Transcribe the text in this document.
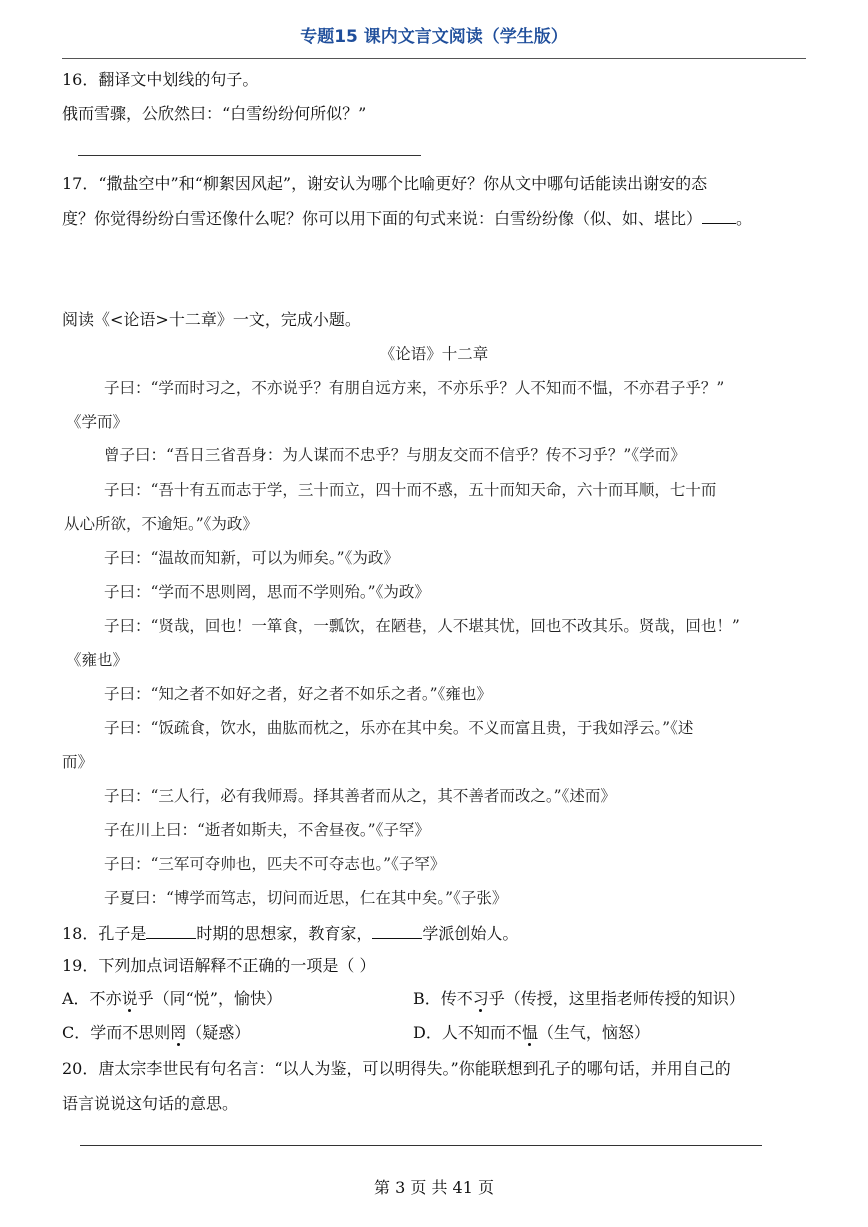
专题15 课内文言文阅读（学生版）
16．翻译文中划线的句子。
俄而雪骤，公欣然曰：“白雪纷纷何所似？”
17．“撒盐空中”和“柳絮因风起”，谢安认为哪个比喻更好？你从文中哪句话能读出谢安的态
度？你觉得纷纷白雪还像什么呢？你可以用下面的句式来说：白雪纷纷像（似、如、堪比） 。
阅读《<论语>十二章》一文，完成小题。
《论语》十二章
子曰：“学而时习之，不亦说乎？有朋自远方来，不亦乐乎？人不知而不愠，不亦君子乎？”
《学而》
曾子曰：“吾日三省吾身：为人谋而不忠乎？与朋友交而不信乎？传不习乎？”《学而》
子曰：“吾十有五而志于学，三十而立，四十而不惑，五十而知天命，六十而耳顺，七十而
从心所欲，不逾矩。”《为政》
子曰：“温故而知新，可以为师矣。”《为政》
子曰：“学而不思则罔，思而不学则殆。”《为政》
子曰：“贤哉，回也！一箪食，一瓢饮，在陋巷，人不堪其忧，回也不改其乐。贤哉，回也！”
《雍也》
子曰：“知之者不如好之者，好之者不如乐之者。”《雍也》
子曰：“饭疏食，饮水，曲肱而枕之，乐亦在其中矣。不义而富且贵，于我如浮云。”《述
而》
子曰：“三人行，必有我师焉。择其善者而从之，其不善者而改之。”《述而》
子在川上曰：“逝者如斯夫，不舍昼夜。”《子罕》
子曰：“三军可夺帅也，匹夫不可夺志也。”《子罕》
子夏曰：“博学而笃志，切问而近思，仁在其中矣。”《子张》
18．孔子是	时期的思想家，教育家，	学派创始人。
19．下列加点词语解释不正确的一项是（ ）
A．不亦说乎（同“悦”，愉快）	B．传不习乎（传授，这里指老师传授的知识）
C．学而不思则罔（疑惑）	D．人不知而不愠（生气，恼怒）
20．唐太宗李世民有句名言：“以人为鉴，可以明得失。”你能联想到孔子的哪句话，并用自己的
语言说说这句话的意思。
第 3 页 共 41 页
